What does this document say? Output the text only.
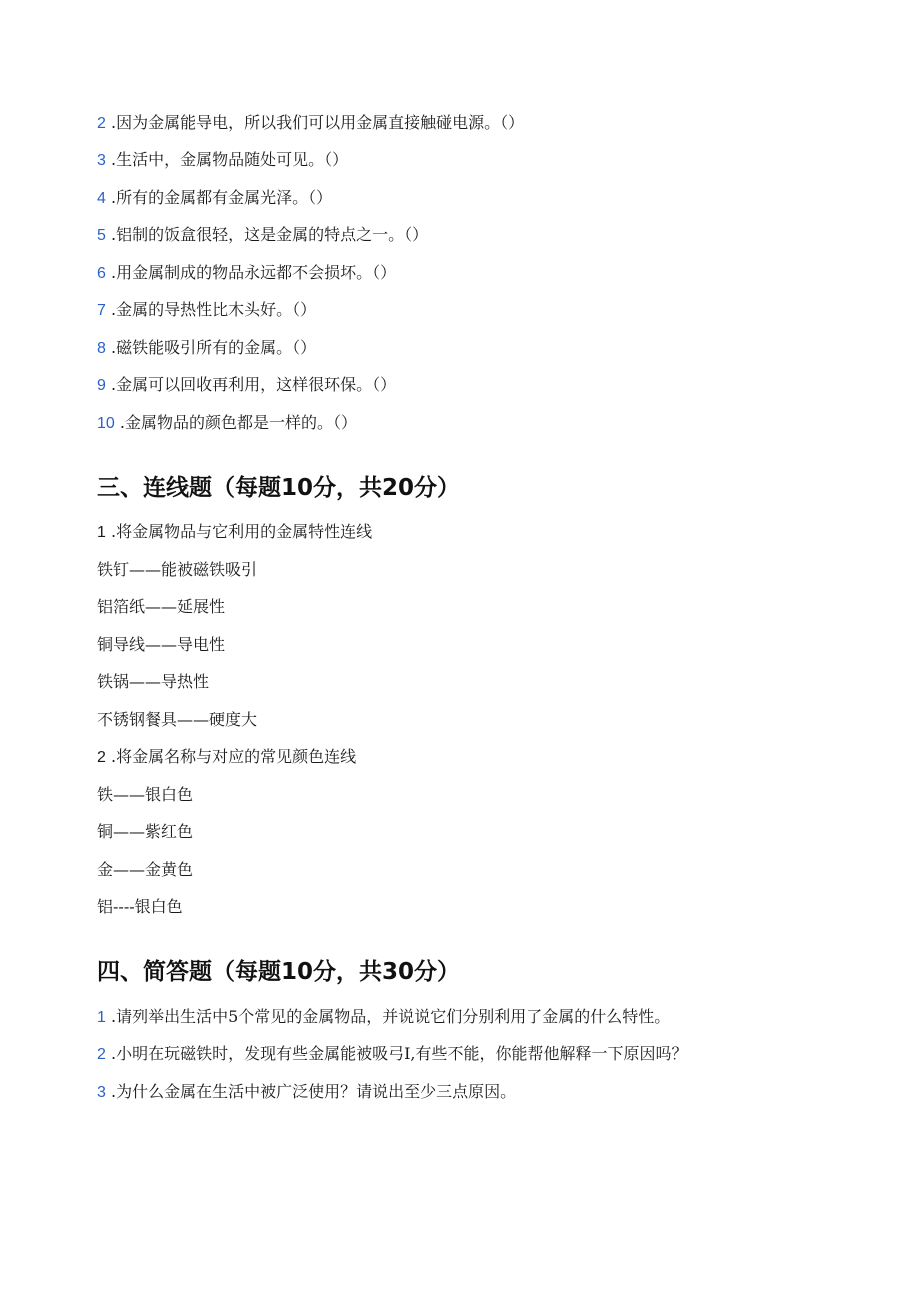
2 .因为金属能导电，所以我们可以用金属直接触碰电源。（）
3 .生活中，金属物品随处可见。（）
4 .所有的金属都有金属光泽。（）
5 .铝制的饭盒很轻，这是金属的特点之一。（）
6 .用金属制成的物品永远都不会损坏。（）
7 .金属的导热性比木头好。（）
8 .磁铁能吸引所有的金属。（）
9 .金属可以回收再利用，这样很环保。（）
10 .金属物品的颜色都是一样的。（）
三、连线题（每题10分，共20分）
1 .将金属物品与它利用的金属特性连线
铁钉——能被磁铁吸引
铝箔纸——延展性
铜导线——导电性
铁锅——导热性
不锈钢餐具——硬度大
2 .将金属名称与对应的常见颜色连线
铁——银白色
铜——紫红色
金——金黄色
铝----银白色
四、简答题（每题10分，共30分）
1 .请列举出生活中5个常见的金属物品，并说说它们分别利用了金属的什么特性。
2 .小明在玩磁铁时，发现有些金属能被吸弓I,有些不能，你能帮他解释一下原因吗？
3 .为什么金属在生活中被广泛使用？请说出至少三点原因。
